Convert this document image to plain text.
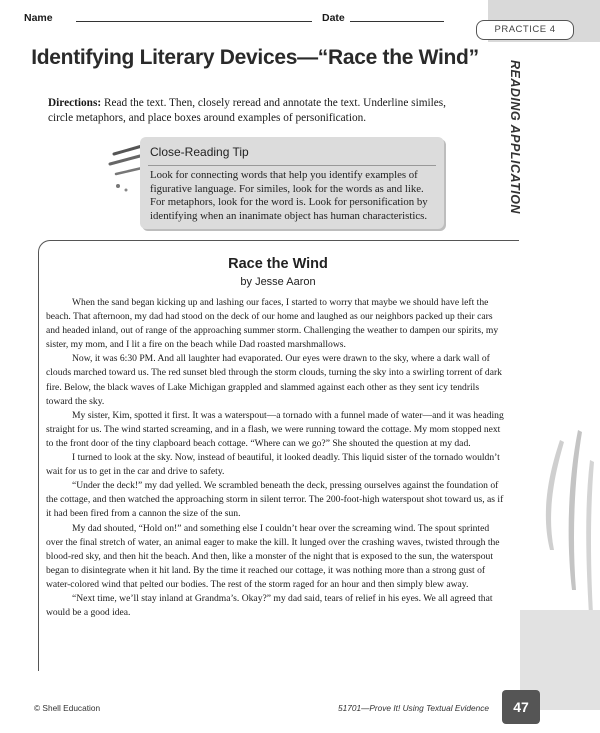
Name	Date
PRACTICE 4
Identifying Literary Devices—“Race the Wind”
READING APPLICATION
Directions: Read the text. Then, closely reread and annotate the text. Underline similes, circle metaphors, and place boxes around examples of personification.
Close-Reading Tip
Look for connecting words that help you identify examples of figurative language. For similes, look for the words as and like. For metaphors, look for the word is. Look for personification by identifying when an inanimate object has human characteristics.
Race the Wind
by Jesse Aaron

When the sand began kicking up and lashing our faces, I started to worry that maybe we should have left the beach. That afternoon, my dad had stood on the deck of our home and laughed as our neighbors packed up their cars and headed inland, out of range of the approaching summer storm. Challenging the weather to dampen our spirits, my sister, my mom, and I lit a fire on the beach while Dad roasted marshmallows.

Now, it was 6:30 PM. And all laughter had evaporated. Our eyes were drawn to the sky, where a dark wall of clouds marched toward us. The red sunset bled through the storm clouds, turning the sky into a swirling torrent of dark fire. Below, the black waves of Lake Michigan grappled and slammed against each other as they sent icy tendrils toward the sky.

My sister, Kim, spotted it first. It was a waterspout—a tornado with a funnel made of water—and it was heading straight for us. The wind started screaming, and in a flash, we were running toward the cottage. My mom stopped next to the front door of the tiny clapboard beach cottage. “Where can we go?” She shouted the question at my dad.

I turned to look at the sky. Now, instead of beautiful, it looked deadly. This liquid sister of the tornado wouldn’t wait for us to get in the car and drive to safety.

“Under the deck!” my dad yelled. We scrambled beneath the deck, pressing ourselves against the foundation of the cottage, and then watched the approaching storm in silent terror. The 200-foot-high waterspout shot toward us, as if it had been fired from a cannon the size of the sun.

My dad shouted, “Hold on!” and something else I couldn’t hear over the screaming wind. The spout sprinted over the final stretch of water, an animal eager to make the kill. It lunged over the crashing waves, twisted through the blood-red sky, and then hit the beach. And then, like a monster of the night that is exposed to the sun, the waterspout began to disintegrate when it hit land. By the time it reached our cottage, it was nothing more than a strong gust of water-colored wind that pelted our bodies. The rest of the storm raged for an hour and then simply blew away.

“Next time, we’ll stay inland at Grandma’s. Okay?” my dad said, tears of relief in his eyes. We all agreed that would be a good idea.

© Shell Education	51701—Prove It! Using Textual Evidence	47
